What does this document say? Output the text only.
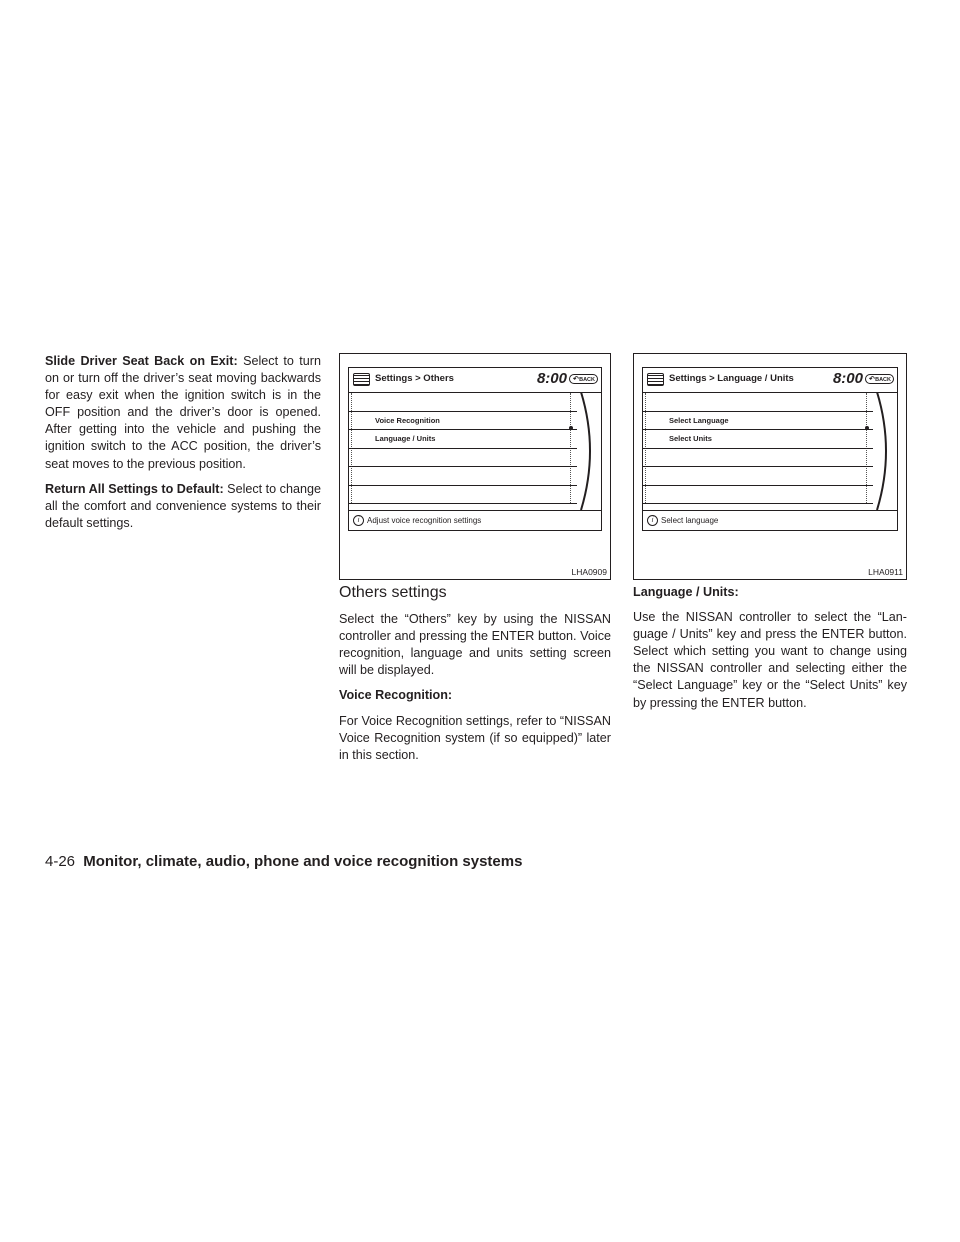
Slide Driver Seat Back on Exit: Select to turn on or turn off the driver’s seat moving backwards for easy exit when the ignition switch is in the OFF position and the driver’s door is opened. After getting into the vehicle and pushing the ignition switch to the ACC position, the driver’s seat moves to the previous position.

Return All Settings to Default: Select to change all the comfort and convenience systems to their default settings.

Settings > Others	8:00 ↶ BACK
Voice Recognition
Language / Units
i Adjust voice recognition settings
LHA0909
Settings > Language / Units	8:00 ↶ BACK
Select Language
Select Units
i Select language
LHA0911
Others settings

Select the “Others” key by using the NISSAN controller and pressing the ENTER button. Voice recognition, language and units setting screen will be displayed.

Voice Recognition:

For Voice Recognition settings, refer to “NISSAN Voice Recognition system (if so equipped)” later in this section.

Language / Units:

Use the NISSAN controller to select the “Lan-guage / Units” key and press the ENTER button. Select which setting you want to change using the NISSAN controller and selecting either the “Select Language” key or the “Select Units” key by pressing the ENTER button.

4-26 Monitor, climate, audio, phone and voice recognition systems
